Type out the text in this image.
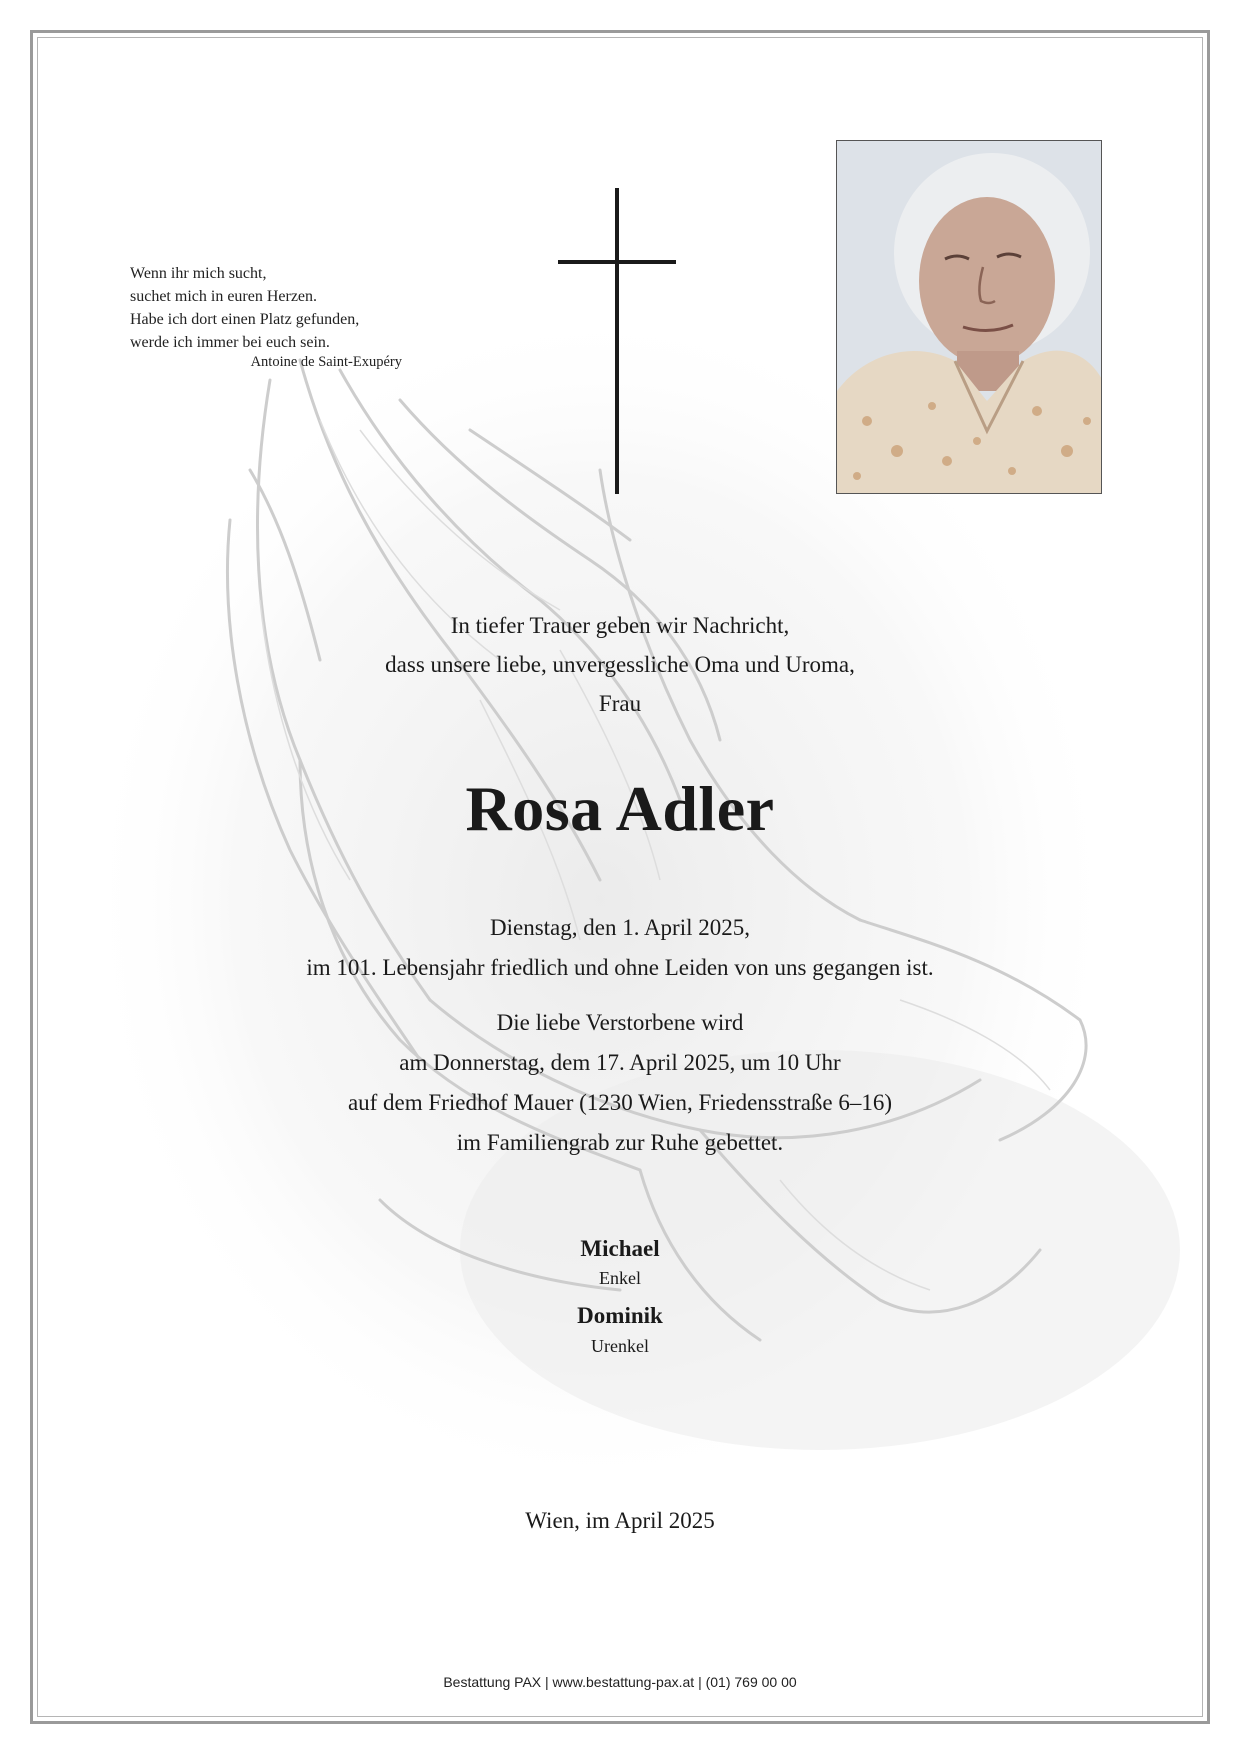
Wenn ihr mich sucht,
suchet mich in euren Herzen.
Habe ich dort einen Platz gefunden,
werde ich immer bei euch sein.
Antoine de Saint-Exupéry
In tiefer Trauer geben wir Nachricht,
dass unsere liebe, unvergessliche Oma und Uroma,
Frau
Rosa Adler
Dienstag, den 1. April 2025,
im 101. Lebensjahr friedlich und ohne Leiden von uns gegangen ist.
Die liebe Verstorbene wird
am Donnerstag, dem 17. April 2025, um 10 Uhr
auf dem Friedhof Mauer (1230 Wien, Friedensstraße 6–16)
im Familiengrab zur Ruhe gebettet.
Michael
Enkel
Dominik
Urenkel
Wien, im April 2025
Bestattung PAX | www.bestattung-pax.at | (01) 769 00 00
